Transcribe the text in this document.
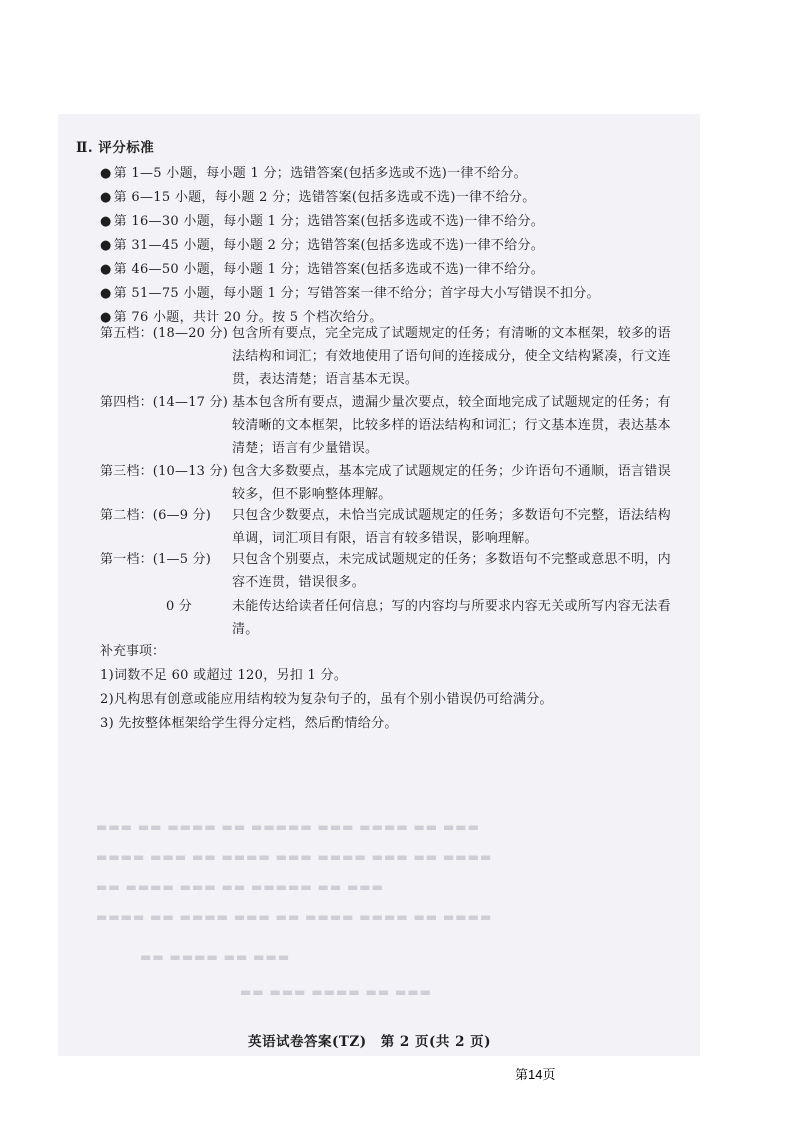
▬▬▬ ▬▬ ▬▬▬▬ ▬▬ ▬▬▬▬▬ ▬▬▬ ▬▬▬▬ ▬▬ ▬▬▬
▬▬▬▬ ▬▬▬ ▬▬ ▬▬▬▬ ▬▬▬ ▬▬▬▬ ▬▬▬ ▬▬ ▬▬▬▬
▬▬ ▬▬▬▬ ▬▬▬ ▬▬ ▬▬▬▬▬ ▬▬ ▬▬▬
▬▬▬▬ ▬▬ ▬▬▬▬ ▬▬▬ ▬▬ ▬▬▬▬ ▬▬▬▬ ▬▬ ▬▬▬▬
▬▬ ▬▬▬▬ ▬▬ ▬▬▬
▬▬ ▬▬▬ ▬▬▬▬ ▬▬ ▬▬▬
Ⅱ. 评分标准
● 第 1—5 小题，每小题 1 分；选错答案(包括多选或不选)一律不给分。
● 第 6—15 小题，每小题 2 分；选错答案(包括多选或不选)一律不给分。
● 第 16—30 小题，每小题 1 分；选错答案(包括多选或不选)一律不给分。
● 第 31—45 小题，每小题 2 分；选错答案(包括多选或不选)一律不给分。
● 第 46—50 小题，每小题 1 分；选错答案(包括多选或不选)一律不给分。
● 第 51—75 小题，每小题 1 分；写错答案一律不给分；首字母大小写错误不扣分。
● 第 76 小题，共计 20 分。按 5 个档次给分。
第五档：(18—20 分) 包含所有要点，完全完成了试题规定的任务；有清晰的文本框架，较多的语法结构和词汇；有效地使用了语句间的连接成分，使全文结构紧凑，行文连贯，表达清楚；语言基本无误。
第四档：(14—17 分) 基本包含所有要点，遗漏少量次要点，较全面地完成了试题规定的任务；有较清晰的文本框架，比较多样的语法结构和词汇；行文基本连贯，表达基本清楚；语言有少量错误。
第三档：(10—13 分) 包含大多数要点，基本完成了试题规定的任务；少许语句不通顺，语言错误较多，但不影响整体理解。
第二档：(6—9 分)	只包含少数要点，未恰当完成试题规定的任务；多数语句不完整，语法结构单调，词汇项目有限，语言有较多错误，影响理解。
第一档：(1—5 分)	只包含个别要点，未完成试题规定的任务；多数语句不完整或意思不明，内容不连贯，错误很多。
0 分	未能传达给读者任何信息；写的内容均与所要求内容无关或所写内容无法看清。
补充事项：
1)词数不足 60 或超过 120，另扣 1 分。
2)凡构思有创意或能应用结构较为复杂句子的，虽有个别小错误仍可给满分。
3) 先按整体框架给学生得分定档，然后酌情给分。
英语试卷答案(TZ) 第 2 页(共 2 页)
第14页
